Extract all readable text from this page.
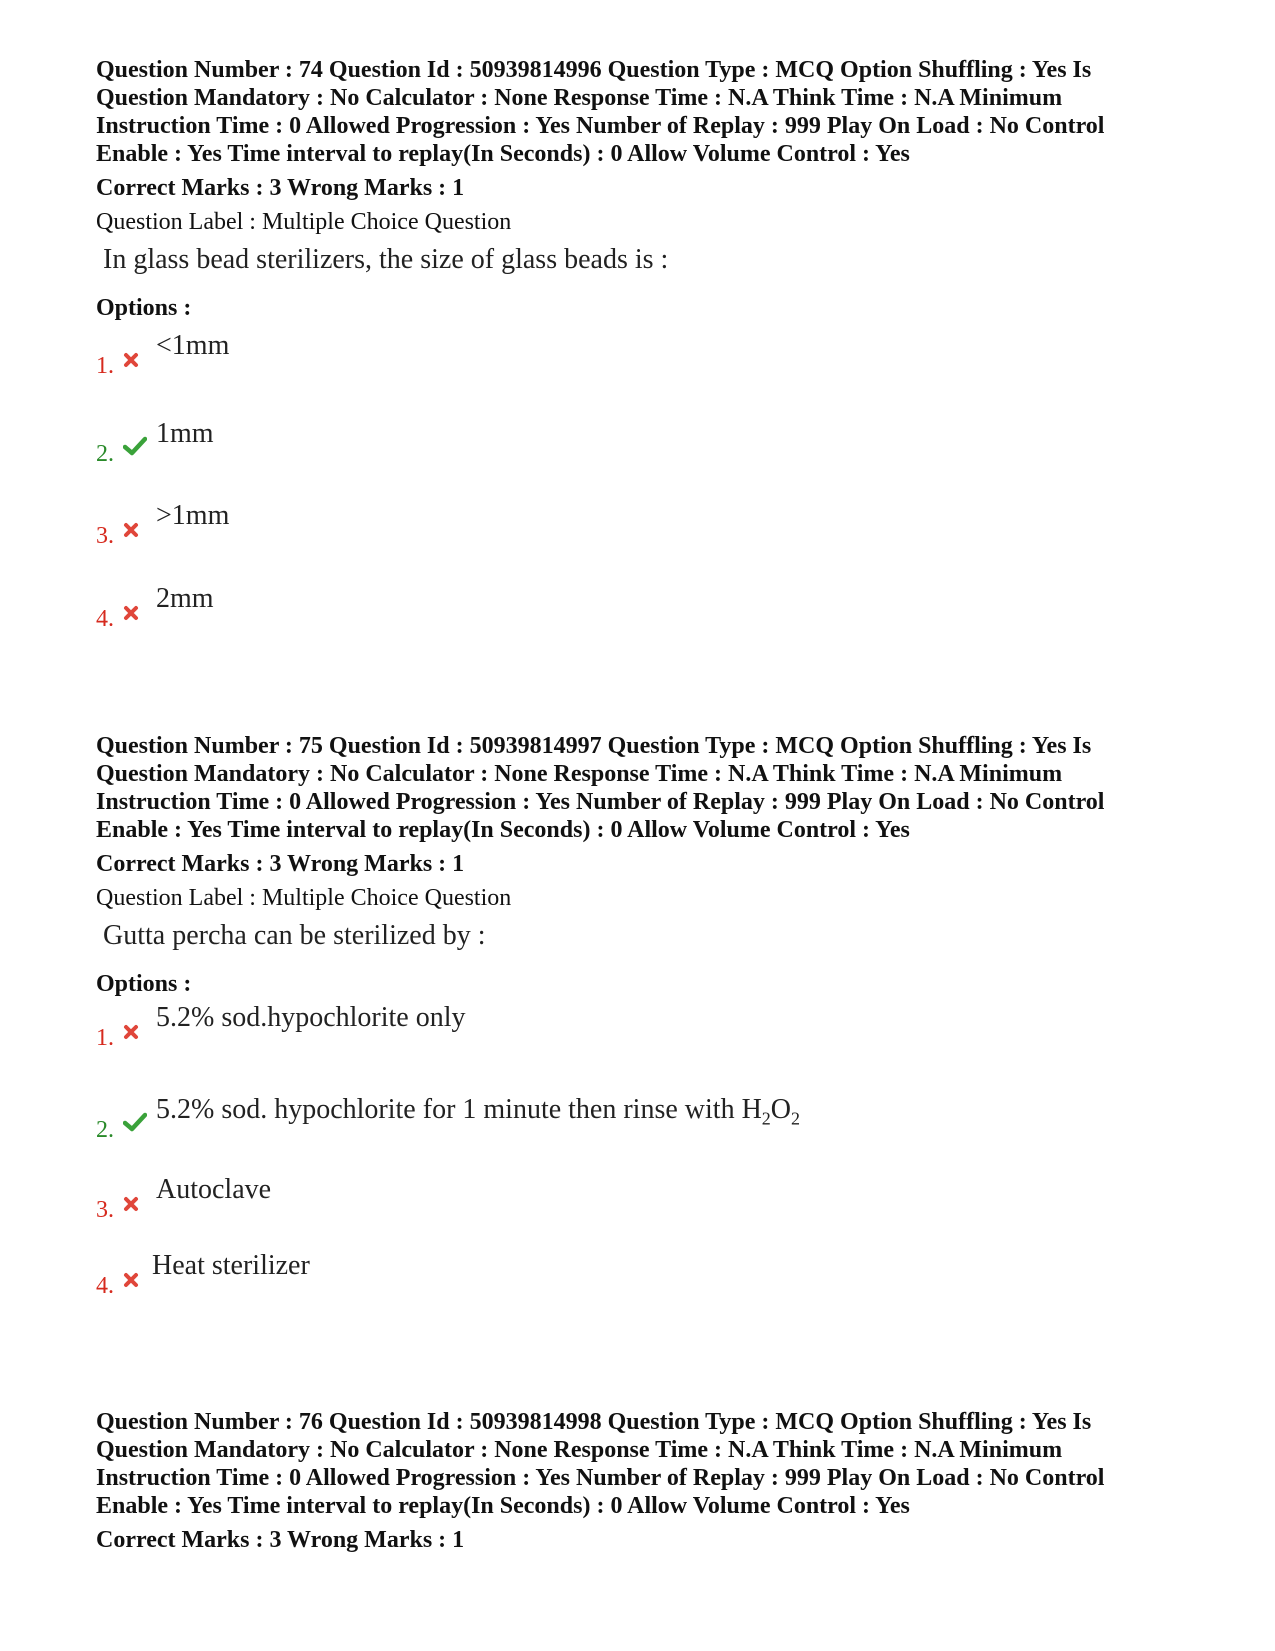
Question Number : 74 Question Id : 50939814996 Question Type : MCQ Option Shuffling : Yes Is Question Mandatory : No Calculator : None Response Time : N.A Think Time : N.A Minimum Instruction Time : 0 Allowed Progression : Yes Number of Replay : 999 Play On Load : No Control Enable : Yes Time interval to replay(In Seconds) : 0 Allow Volume Control : Yes

Correct Marks : 3 Wrong Marks : 1
Question Label : Multiple Choice Question
In glass bead sterilizers, the size of glass beads is :
Options :
1.
<1mm
2.
1mm
3.
>1mm
4.
2mm

Question Number : 75 Question Id : 50939814997 Question Type : MCQ Option Shuffling : Yes Is Question Mandatory : No Calculator : None Response Time : N.A Think Time : N.A Minimum Instruction Time : 0 Allowed Progression : Yes Number of Replay : 999 Play On Load : No Control Enable : Yes Time interval to replay(In Seconds) : 0 Allow Volume Control : Yes

Correct Marks : 3 Wrong Marks : 1
Question Label : Multiple Choice Question
Gutta percha can be sterilized by :
Options :
1.
5.2% sod.hypochlorite only
2.
5.2% sod. hypochlorite for 1 minute then rinse with $H_2O_2$
3.
Autoclave
4.
Heat sterilizer

Question Number : 76 Question Id : 50939814998 Question Type : MCQ Option Shuffling : Yes Is Question Mandatory : No Calculator : None Response Time : N.A Think Time : N.A Minimum Instruction Time : 0 Allowed Progression : Yes Number of Replay : 999 Play On Load : No Control Enable : Yes Time interval to replay(In Seconds) : 0 Allow Volume Control : Yes

Correct Marks : 3 Wrong Marks : 1
